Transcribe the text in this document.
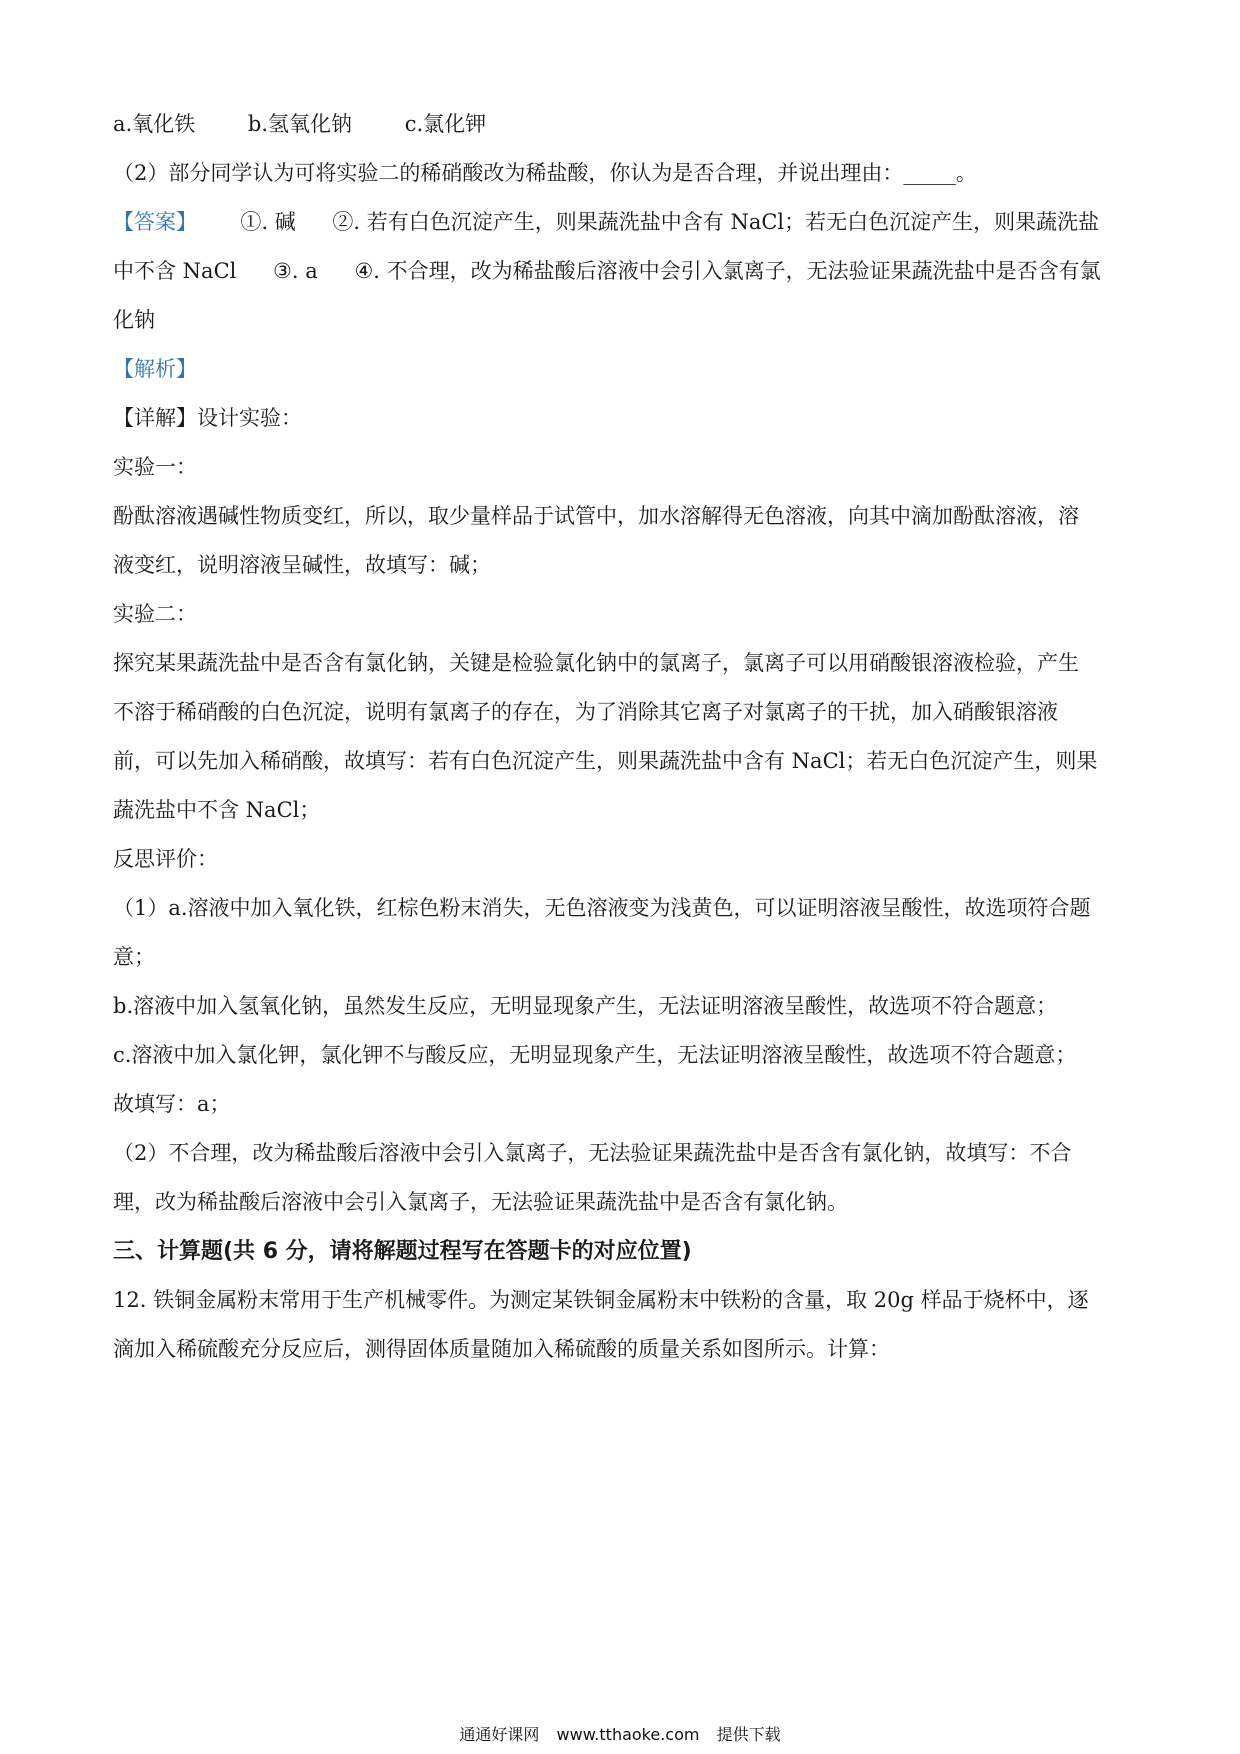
a.氧化铁	b.氢氧化钠	c.氯化钾
（2）部分同学认为可将实验二的稀硝酸改为稀盐酸，你认为是否合理，并说出理由：_____。
【答案】 ①. 碱 ②. 若有白色沉淀产生，则果蔬洗盐中含有 NaCl；若无白色沉淀产生，则果蔬洗盐
中不含 NaCl ③. a ④. 不合理，改为稀盐酸后溶液中会引入氯离子，无法验证果蔬洗盐中是否含有氯
化钠
【解析】
【详解】设计实验：
实验一：
酚酞溶液遇碱性物质变红，所以，取少量样品于试管中，加水溶解得无色溶液，向其中滴加酚酞溶液，溶
液变红，说明溶液呈碱性，故填写：碱；
实验二：
探究某果蔬洗盐中是否含有氯化钠，关键是检验氯化钠中的氯离子，氯离子可以用硝酸银溶液检验，产生
不溶于稀硝酸的白色沉淀，说明有氯离子的存在，为了消除其它离子对氯离子的干扰，加入硝酸银溶液
前，可以先加入稀硝酸，故填写：若有白色沉淀产生，则果蔬洗盐中含有 NaCl；若无白色沉淀产生，则果
蔬洗盐中不含 NaCl；
反思评价：
（1）a.溶液中加入氧化铁，红棕色粉末消失，无色溶液变为浅黄色，可以证明溶液呈酸性，故选项符合题
意；
b.溶液中加入氢氧化钠，虽然发生反应，无明显现象产生，无法证明溶液呈酸性，故选项不符合题意；
c.溶液中加入氯化钾，氯化钾不与酸反应，无明显现象产生，无法证明溶液呈酸性，故选项不符合题意；
故填写：a；
（2）不合理，改为稀盐酸后溶液中会引入氯离子，无法验证果蔬洗盐中是否含有氯化钠，故填写：不合
理，改为稀盐酸后溶液中会引入氯离子，无法验证果蔬洗盐中是否含有氯化钠。
三、计算题(共 6 分，请将解题过程写在答题卡的对应位置)
12. 铁铜金属粉末常用于生产机械零件。为测定某铁铜金属粉末中铁粉的含量，取 20g 样品于烧杯中，逐
滴加入稀硫酸充分反应后，测得固体质量随加入稀硫酸的质量关系如图所示。计算：
通通好课网 www.tthaoke.com 提供下载
